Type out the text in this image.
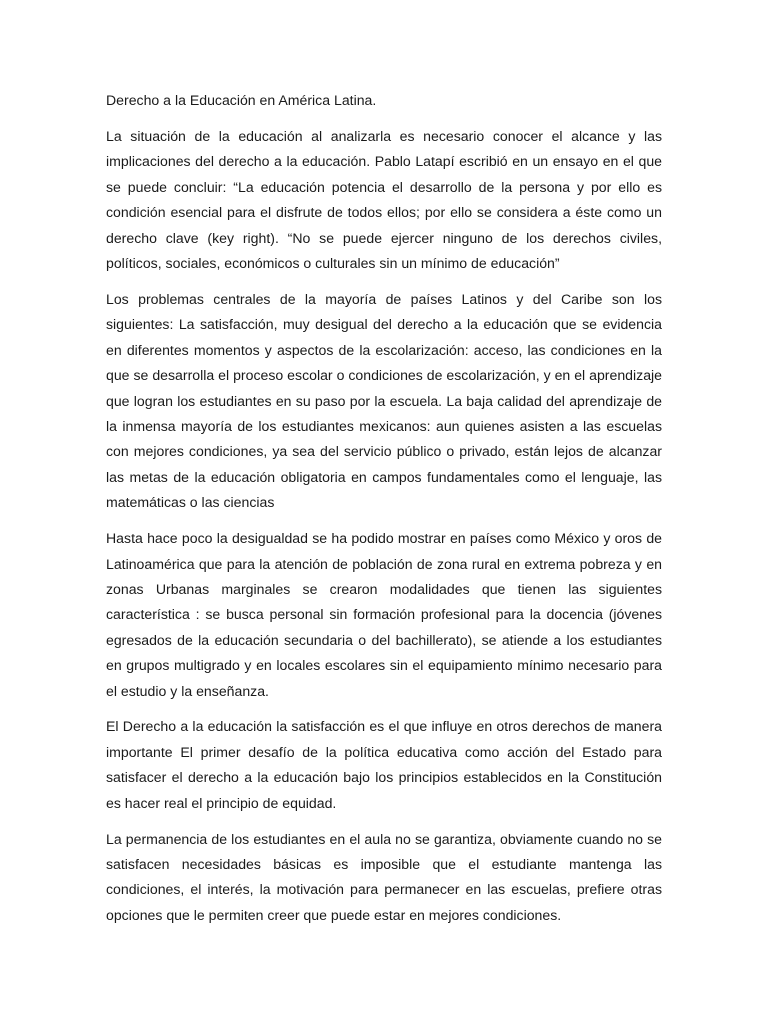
Derecho a la Educación en América Latina.

La situación de la educación al analizarla es necesario conocer el alcance y las implicaciones del derecho a la educación. Pablo Latapí escribió en un ensayo en el que se puede concluir: “La educación potencia el desarrollo de la persona y por ello es condición esencial para el disfrute de todos ellos; por ello se considera a éste como un derecho clave (key right). “No se puede ejercer ninguno de los derechos civiles, políticos, sociales, económicos o culturales sin un mínimo de educación”

Los problemas centrales de la mayoría de países Latinos y del Caribe son los siguientes: La satisfacción, muy desigual del derecho a la educación que se evidencia en diferentes momentos y aspectos de la escolarización: acceso, las condiciones en la que se desarrolla el proceso escolar o condiciones de escolarización, y en el aprendizaje que logran los estudiantes en su paso por la escuela. La baja calidad del aprendizaje de la inmensa mayoría de los estudiantes mexicanos: aun quienes asisten a las escuelas con mejores condiciones, ya sea del servicio público o privado, están lejos de alcanzar las metas de la educación obligatoria en campos fundamentales como el lenguaje, las matemáticas o las ciencias

Hasta hace poco la desigualdad se ha podido mostrar en países como México y oros de Latinoamérica que para la atención de población de zona rural en extrema pobreza y en zonas Urbanas marginales se crearon modalidades que tienen las siguientes característica : se busca personal sin formación profesional para la docencia (jóvenes egresados de la educación secundaria o del bachillerato), se atiende a los estudiantes en grupos multigrado y en locales escolares sin el equipamiento mínimo necesario para el estudio y la enseñanza.

El Derecho a la educación la satisfacción es el que influye en otros derechos de manera importante El primer desafío de la política educativa como acción del Estado para satisfacer el derecho a la educación bajo los principios establecidos en la Constitución es hacer real el principio de equidad.

La permanencia de los estudiantes en el aula no se garantiza, obviamente cuando no se satisfacen necesidades básicas es imposible que el estudiante mantenga las condiciones, el interés, la motivación para permanecer en las escuelas, prefiere otras opciones que le permiten creer que puede estar en mejores condiciones.
